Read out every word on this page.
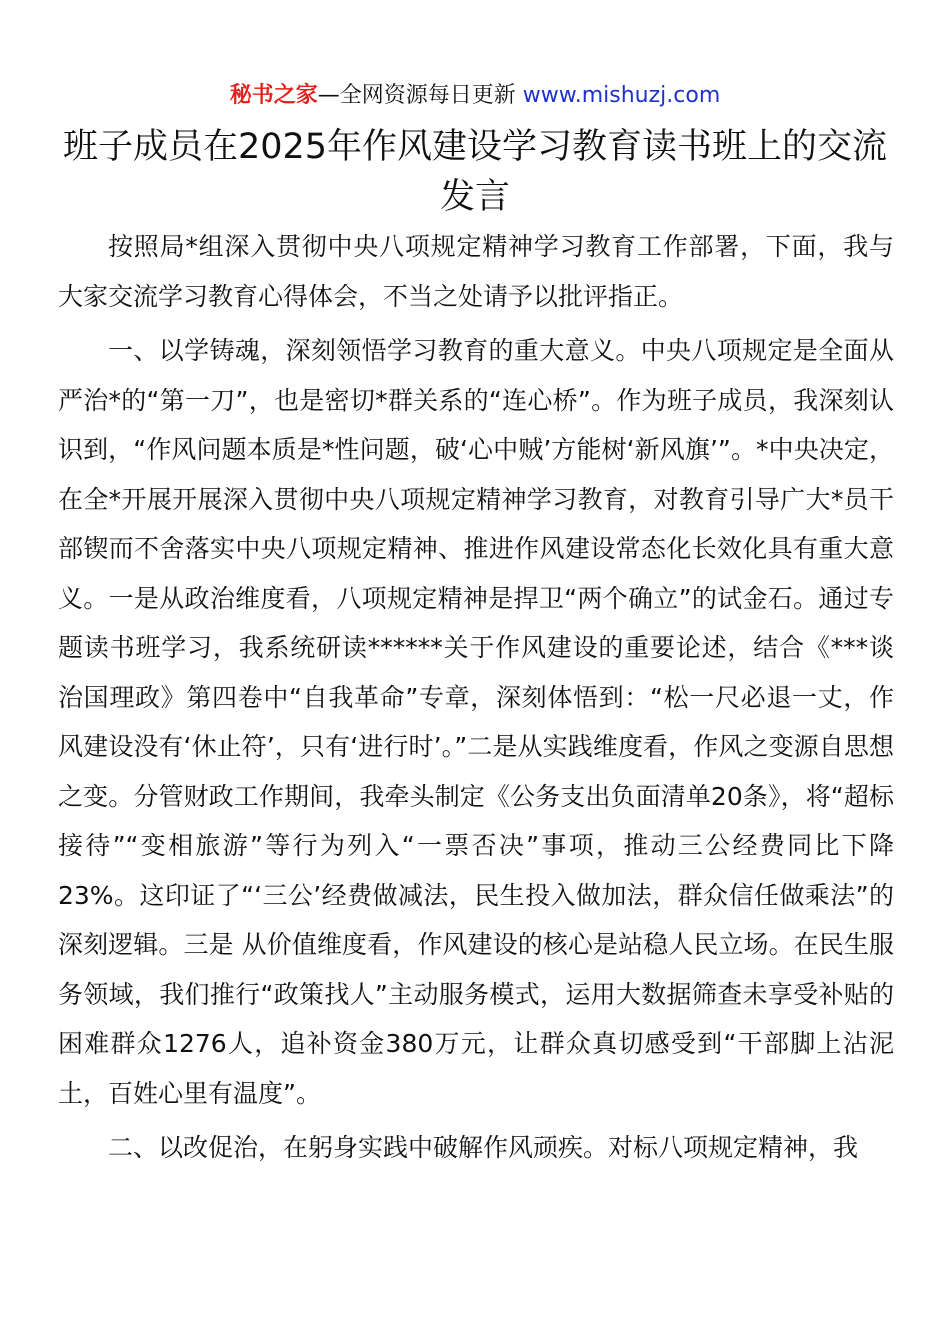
秘书之家—全网资源每日更新 www.mishuzj.com
班子成员在2025年作风建设学习教育读书班上的交流发言

按照局*组深入贯彻中央八项规定精神学习教育工作部署，下面，我与大家交流学习教育心得体会，不当之处请予以批评指正。

一、以学铸魂，深刻领悟学习教育的重大意义。中央八项规定是全面从严治*的“第一刀”，也是密切*群关系的“连心桥”。作为班子成员，我深刻认识到，“作风问题本质是*性问题，破‘心中贼’方能树‘新风旗’”。*中央决定，在全*开展开展深入贯彻中央八项规定精神学习教育，对教育引导广大*员干部锲而不舍落实中央八项规定精神、推进作风建设常态化长效化具有重大意义。一是从政治维度看，八项规定精神是捍卫“两个确立”的试金石。通过专题读书班学习，我系统研读******关于作风建设的重要论述，结合《***谈治国理政》第四卷中“自我革命”专章，深刻体悟到：“松一尺必退一丈，作风建设没有‘休止符’，只有‘进行时’。”二是从实践维度看，作风之变源自思想之变。分管财政工作期间，我牵头制定《公务支出负面清单20条》，将“超标接待”“变相旅游”等行为列入“一票否决”事项，推动三公经费同比下降23%。这印证了“‘三公’经费做减法，民生投入做加法，群众信任做乘法”的深刻逻辑。三是 从价值维度看，作风建设的核心是站稳人民立场。在民生服务领域，我们推行“政策找人”主动服务模式，运用大数据筛查未享受补贴的困难群众1276人，追补资金380万元，让群众真切感受到“干部脚上沾泥土，百姓心里有温度”。

二、以改促治，在躬身实践中破解作风顽疾。对标八项规定精神，我
